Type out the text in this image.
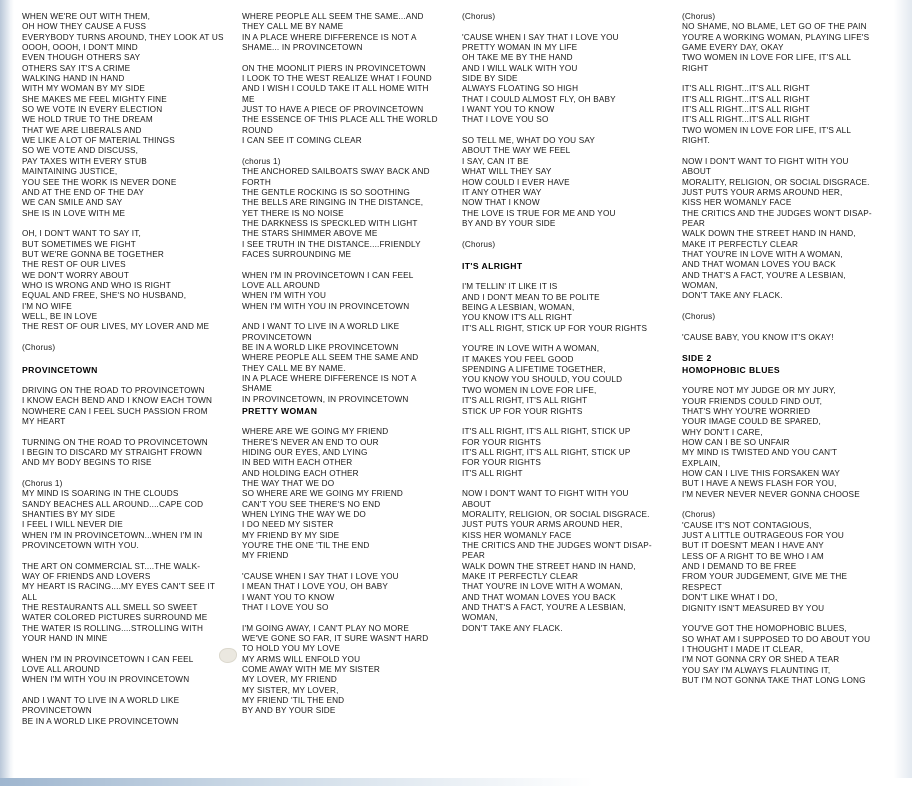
WHEN WE'RE OUT WITH THEM,
OH HOW THEY CAUSE A FUSS
EVERYBODY TURNS AROUND, THEY LOOK AT US
OOOH, OOOH, I DON'T MIND
EVEN THOUGH OTHERS SAY
OTHERS SAY IT'S A CRIME
WALKING HAND IN HAND
WITH MY WOMAN BY MY SIDE
SHE MAKES ME FEEL MIGHTY FINE
SO WE VOTE IN EVERY ELECTION
WE HOLD TRUE TO THE DREAM
THAT WE ARE LIBERALS AND
WE LIKE A LOT OF MATERIAL THINGS
SO WE VOTE AND DISCUSS,
PAY TAXES WITH EVERY STUB
MAINTAINING JUSTICE,
YOU SEE THE WORK IS NEVER DONE
AND AT THE END OF THE DAY
WE CAN SMILE AND SAY
SHE IS IN LOVE WITH ME
OH, I DON'T WANT TO SAY IT,
BUT SOMETIMES WE FIGHT
BUT WE'RE GONNA BE TOGETHER
THE REST OF OUR LIVES
WE DON'T WORRY ABOUT
WHO IS WRONG AND WHO IS RIGHT
EQUAL AND FREE, SHE'S NO HUSBAND,
I'M NO WIFE
WELL, BE IN LOVE
THE REST OF OUR LIVES, MY LOVER AND ME
(Chorus)
PROVINCETOWN
DRIVING ON THE ROAD TO PROVINCETOWN
I KNOW EACH BEND AND I KNOW EACH TOWN
NOWHERE CAN I FEEL SUCH PASSION FROM
MY HEART
TURNING ON THE ROAD TO PROVINCETOWN
I BEGIN TO DISCARD MY STRAIGHT FROWN
AND MY BODY BEGINS TO RISE
(Chorus 1)
MY MIND IS SOARING IN THE CLOUDS
SANDY BEACHES ALL AROUND....CAPE COD
SHANTIES BY MY SIDE
I FEEL I WILL NEVER DIE
WHEN I'M IN PROVINCETOWN...WHEN I'M IN
PROVINCETOWN WITH YOU.
THE ART ON COMMERCIAL ST....THE WALK-
WAY OF FRIENDS AND LOVERS
MY HEART IS RACING....MY EYES CAN'T SEE IT
ALL
THE RESTAURANTS ALL SMELL SO SWEET
WATER COLORED PICTURES SURROUND ME
THE WATER IS ROLLING....STROLLING WITH
YOUR HAND IN MINE
WHEN I'M IN PROVINCETOWN I CAN FEEL
LOVE ALL AROUND
WHEN I'M WITH YOU IN PROVINCETOWN
AND I WANT TO LIVE IN A WORLD LIKE
PROVINCETOWN
BE IN A WORLD LIKE PROVINCETOWN
WHERE PEOPLE ALL SEEM THE SAME...AND
THEY CALL ME BY NAME
IN A PLACE WHERE DIFFERENCE IS NOT A
SHAME... IN PROVINCETOWN
ON THE MOONLIT PIERS IN PROVINCETOWN
I LOOK TO THE WEST REALIZE WHAT I FOUND
AND I WISH I COULD TAKE IT ALL HOME WITH
ME
JUST TO HAVE A PIECE OF PROVINCETOWN
THE ESSENCE OF THIS PLACE ALL THE WORLD
ROUND
I CAN SEE IT COMING CLEAR
(chorus 1)
THE ANCHORED SAILBOATS SWAY BACK AND
FORTH
THE GENTLE ROCKING IS SO SOOTHING
THE BELLS ARE RINGING IN THE DISTANCE,
YET THERE IS NO NOISE
THE DARKNESS IS SPECKLED WITH LIGHT
THE STARS SHIMMER ABOVE ME
I SEE TRUTH IN THE DISTANCE....FRIENDLY
FACES SURROUNDING ME
WHEN I'M IN PROVINCETOWN I CAN FEEL
LOVE ALL AROUND
WHEN I'M WITH YOU
WHEN I'M WITH YOU IN PROVINCETOWN
AND I WANT TO LIVE IN A WORLD LIKE
PROVINCETOWN
BE IN A WORLD LIKE PROVINCETOWN
WHERE PEOPLE ALL SEEM THE SAME AND
THEY CALL ME BY NAME.
IN A PLACE WHERE DIFFERENCE IS NOT A
SHAME
IN PROVINCETOWN, IN PROVINCETOWN
PRETTY WOMAN
WHERE ARE WE GOING MY FRIEND
THERE'S NEVER AN END TO OUR
HIDING OUR EYES, AND LYING
IN BED WITH EACH OTHER
AND HOLDING EACH OTHER
THE WAY THAT WE DO
SO WHERE ARE WE GOING MY FRIEND
CAN'T YOU SEE THERE'S NO END
WHEN LYING THE WAY WE DO
I DO NEED MY SISTER
MY FRIEND BY MY SIDE
YOU'RE THE ONE 'TIL THE END
MY FRIEND
'CAUSE WHEN I SAY THAT I LOVE YOU
I MEAN THAT I LOVE YOU, OH BABY
I WANT YOU TO KNOW
THAT I LOVE YOU SO
I'M GOING AWAY, I CAN'T PLAY NO MORE
WE'VE GONE SO FAR, IT SURE WASN'T HARD
TO HOLD YOU MY LOVE
MY ARMS WILL ENFOLD YOU
COME AWAY WITH ME MY SISTER
MY LOVER, MY FRIEND
MY SISTER, MY LOVER,
MY FRIEND 'TIL THE END
BY AND BY YOUR SIDE
(Chorus)
'CAUSE WHEN I SAY THAT I LOVE YOU
PRETTY WOMAN IN MY LIFE
OH TAKE ME BY THE HAND
AND I WILL WALK WITH YOU
SIDE BY SIDE
ALWAYS FLOATING SO HIGH
THAT I COULD ALMOST FLY, OH BABY
I WANT YOU TO KNOW
THAT I LOVE YOU SO
SO TELL ME, WHAT DO YOU SAY
ABOUT THE WAY WE FEEL
I SAY, CAN IT BE
WHAT WILL THEY SAY
HOW COULD I EVER HAVE
IT ANY OTHER WAY
NOW THAT I KNOW
THE LOVE IS TRUE FOR ME AND YOU
BY AND BY YOUR SIDE
(Chorus)
IT'S ALRIGHT
I'M TELLIN' IT LIKE IT IS
AND I DON'T MEAN TO BE POLITE
BEING A LESBIAN, WOMAN,
YOU KNOW IT'S ALL RIGHT
IT'S ALL RIGHT, STICK UP FOR YOUR RIGHTS
YOU'RE IN LOVE WITH A WOMAN,
IT MAKES YOU FEEL GOOD
SPENDING A LIFETIME TOGETHER,
YOU KNOW YOU SHOULD, YOU COULD
TWO WOMEN IN LOVE FOR LIFE,
IT'S ALL RIGHT, IT'S ALL RIGHT
STICK UP FOR YOUR RIGHTS
IT'S ALL RIGHT, IT'S ALL RIGHT, STICK UP
FOR YOUR RIGHTS
IT'S ALL RIGHT, IT'S ALL RIGHT, STICK UP
FOR YOUR RIGHTS
IT'S ALL RIGHT
NOW I DON'T WANT TO FIGHT WITH YOU
ABOUT
MORALITY, RELIGION, OR SOCIAL DISGRACE.
JUST PUTS YOUR ARMS AROUND HER,
KISS HER WOMANLY FACE
THE CRITICS AND THE JUDGES WON'T DISAP-
PEAR
WALK DOWN THE STREET HAND IN HAND,
MAKE IT PERFECTLY CLEAR
THAT YOU'RE IN LOVE WITH A WOMAN,
AND THAT WOMAN LOVES YOU BACK
AND THAT'S A FACT, YOU'RE A LESBIAN,
WOMAN,
DON'T TAKE ANY FLACK.
(Chorus)
NO SHAME, NO BLAME, LET GO OF THE PAIN
YOU'RE A WORKING WOMAN, PLAYING LIFE'S
GAME EVERY DAY, OKAY
TWO WOMEN IN LOVE FOR LIFE, IT'S ALL
RIGHT
IT'S ALL RIGHT...IT'S ALL RIGHT
IT'S ALL RIGHT...IT'S ALL RIGHT
IT'S ALL RIGHT...IT'S ALL RIGHT
IT'S ALL RIGHT...IT'S ALL RIGHT
TWO WOMEN IN LOVE FOR LIFE, IT'S ALL
RIGHT.
NOW I DON'T WANT TO FIGHT WITH YOU
ABOUT
MORALITY, RELIGION, OR SOCIAL DISGRACE.
JUST PUTS YOUR ARMS AROUND HER,
KISS HER WOMANLY FACE
THE CRITICS AND THE JUDGES WON'T DISAP-
PEAR
WALK DOWN THE STREET HAND IN HAND,
MAKE IT PERFECTLY CLEAR
THAT YOU'RE IN LOVE WITH A WOMAN,
AND THAT WOMAN LOVES YOU BACK
AND THAT'S A FACT, YOU'RE A LESBIAN,
WOMAN,
DON'T TAKE ANY FLACK.
(Chorus)
'CAUSE BABY, YOU KNOW IT'S OKAY!
SIDE 2
HOMOPHOBIC BLUES
YOU'RE NOT MY JUDGE OR MY JURY,
YOUR FRIENDS COULD FIND OUT,
THAT'S WHY YOU'RE WORRIED
YOUR IMAGE COULD BE SPARED,
WHY DON'T I CARE,
HOW CAN I BE SO UNFAIR
MY MIND IS TWISTED AND YOU CAN'T
EXPLAIN,
HOW CAN I LIVE THIS FORSAKEN WAY
BUT I HAVE A NEWS FLASH FOR YOU,
I'M NEVER NEVER NEVER GONNA CHOOSE
(Chorus)
'CAUSE IT'S NOT CONTAGIOUS,
JUST A LITTLE OUTRAGEOUS FOR YOU
BUT IT DOESN'T MEAN I HAVE ANY
LESS OF A RIGHT TO BE WHO I AM
AND I DEMAND TO BE FREE
FROM YOUR JUDGEMENT, GIVE ME THE
RESPECT
DON'T LIKE WHAT I DO,
DIGNITY ISN'T MEASURED BY YOU
YOU'VE GOT THE HOMOPHOBIC BLUES,
SO WHAT AM I SUPPOSED TO DO ABOUT YOU
I THOUGHT I MADE IT CLEAR,
I'M NOT GONNA CRY OR SHED A TEAR
YOU SAY I'M ALWAYS FLAUNTING IT,
BUT I'M NOT GONNA TAKE THAT LONG LONG
